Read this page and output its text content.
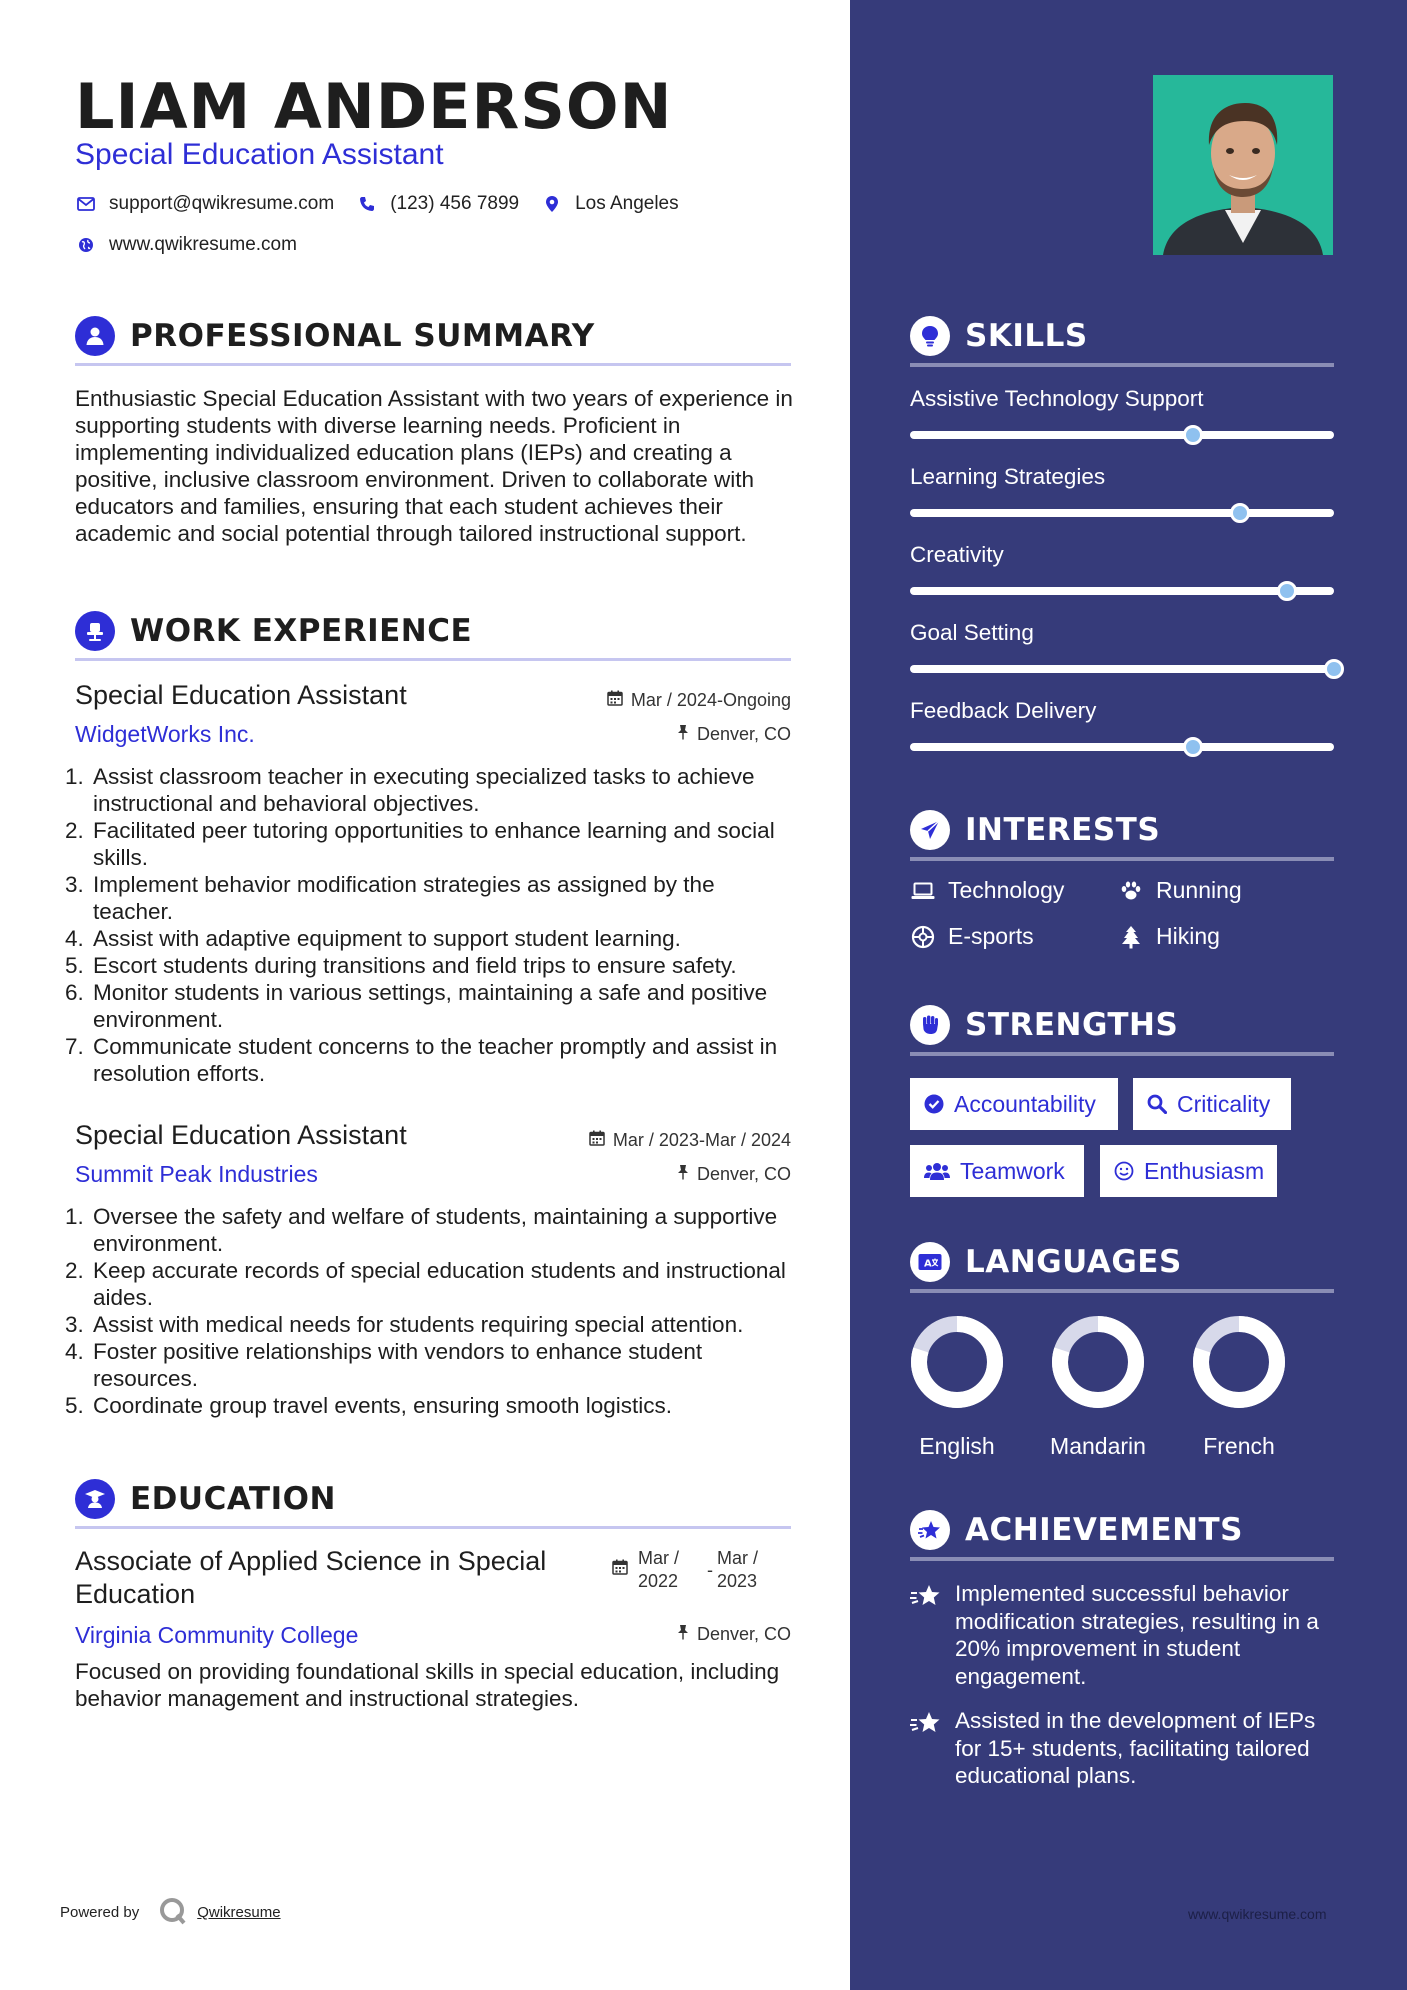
LIAM ANDERSON
Special Education Assistant
support@qwikresume.com	(123) 456 7899	Los Angeles
www.qwikresume.com
PROFESSIONAL SUMMARY
Enthusiastic Special Education Assistant with two years of experience in supporting students with diverse learning needs. Proficient in implementing individualized education plans (IEPs) and creating a positive, inclusive classroom environment. Driven to collaborate with educators and families, ensuring that each student achieves their academic and social potential through tailored instructional support.
WORK EXPERIENCE
Special Education Assistant	Mar / 2024-Ongoing
WidgetWorks Inc.	Denver, CO
1. Assist classroom teacher in executing specialized tasks to achieve instructional and behavioral objectives.
2. Facilitated peer tutoring opportunities to enhance learning and social skills.
3. Implement behavior modification strategies as assigned by the teacher.
4. Assist with adaptive equipment to support student learning.
5. Escort students during transitions and field trips to ensure safety.
6. Monitor students in various settings, maintaining a safe and positive environment.
7. Communicate student concerns to the teacher promptly and assist in resolution efforts.
Special Education Assistant	Mar / 2023-Mar / 2024
Summit Peak Industries	Denver, CO
1. Oversee the safety and welfare of students, maintaining a supportive environment.
2. Keep accurate records of special education students and instructional aides.
3. Assist with medical needs for students requiring special attention.
4. Foster positive relationships with vendors to enhance student resources.
5. Coordinate group travel events, ensuring smooth logistics.
EDUCATION
Associate of Applied Science in Special Education
Mar /
2022
-
Mar /
2023
Virginia Community College	Denver, CO
Focused on providing foundational skills in special education, including behavior management and instructional strategies.
Powered by	Qwikresume
SKILLS
Assistive Technology Support
Learning Strategies
Creativity
Goal Setting
Feedback Delivery
INTERESTS
Technology	Running
E-sports	Hiking
STRENGTHS
Accountability	Criticality
Teamwork	Enthusiasm
A LANGUAGES
English	Mandarin	French
ACHIEVEMENTS
Implemented successful behavior modification strategies, resulting in a 20% improvement in student engagement.
Assisted in the development of IEPs for 15+ students, facilitating tailored educational plans.
www.qwikresume.com
